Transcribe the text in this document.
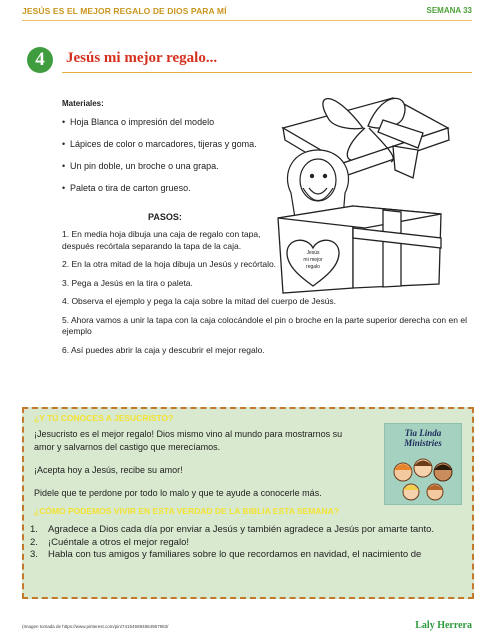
JESÚS ES EL MEJOR REGALO DE DIOS PARA MÍ	SEMANA 33
4	Jesús mi mejor regalo...
Materiales:
• Hoja Blanca o impresión del modelo
• Lápices de color o marcadores, tijeras y goma.
• Un pin doble, un broche o una grapa.
• Paleta o tira de carton grueso.
Jesús
mi mejor
regalo
PASOS:
1. En media hoja dibuja una caja de regalo con tapa, después recórtala separando la tapa de la caja.
2. En la otra mitad de la hoja dibuja un Jesús y recórtalo.
3. Pega a Jesús en la tira o paleta.
4. Observa el ejemplo y pega la caja sobre la mitad del cuerpo de Jesús.
5. Ahora vamos a unir la tapa con la caja colocándole el pin o broche en la parte superior derecha con en el ejemplo
6. Así puedes abrir la caja y descubrir el mejor regalo.
¿Y TÚ CONOCES A JESUCRISTO?
¡Jesucristo es el mejor regalo! Dios mismo vino al mundo para mostrarnos su amor y salvarnos del castigo que merecíamos.
¡Acepta hoy a Jesús, recibe su amor!
Pidele que te perdone por todo lo malo y que te ayude a conocerle más.
¿CÓMO PODEMOS VIVIR EN ESTA VERDAD DE LA BIBLIA ESTA SEMANA?
1. Agradece a Dios cada día por enviar a Jesús y también agradece a Jesús por amarte tanto.
2. ¡Cuéntale a otros el mejor regalo!
3. Habla con tus amigos y familiares sobre lo que recordamos en navidad, el nacimiento de
Tia Linda
Ministries
(Imagen tomada de https://www.pinterest.com/pin/741545894864967983/	Laly Herrera
